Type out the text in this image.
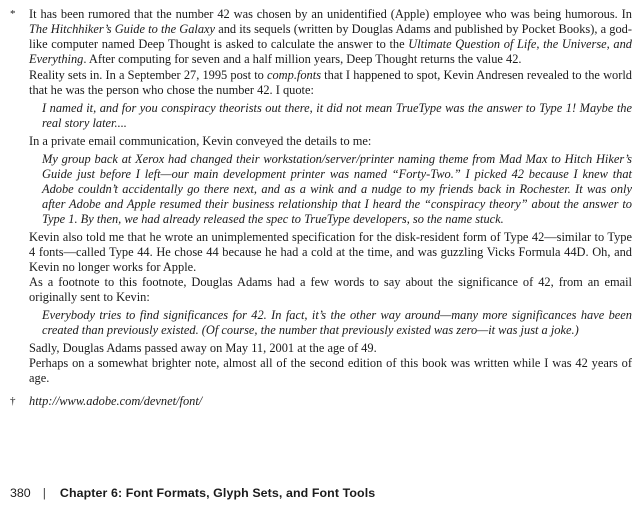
* It has been rumored that the number 42 was chosen by an unidentified (Apple) employee who was being humorous. In The Hitchhiker’s Guide to the Galaxy and its sequels (written by Douglas Adams and published by Pocket Books), a god-like computer named Deep Thought is asked to calculate the answer to the Ultimate Question of Life, the Universe, and Everything. After computing for seven and a half million years, Deep Thought returns the value 42.

Reality sets in. In a September 27, 1995 post to comp.fonts that I happened to spot, Kevin Andresen revealed to the world that he was the person who chose the number 42. I quote:

I named it, and for you conspiracy theorists out there, it did not mean TrueType was the answer to Type 1! Maybe the real story later....

In a private email communication, Kevin conveyed the details to me:

My group back at Xerox had changed their workstation/server/printer naming theme from Mad Max to Hitch Hiker’s Guide just before I left—our main development printer was named “Forty-Two.” I picked 42 because I knew that Adobe couldn’t accidentally go there next, and as a wink and a nudge to my friends back in Rochester. It was only after Adobe and Apple resumed their business relationship that I heard the “conspiracy theory” about the answer to Type 1. By then, we had already released the spec to TrueType developers, so the name stuck.

Kevin also told me that he wrote an unimplemented specification for the disk-resident form of Type 42—similar to Type 4 fonts—called Type 44. He chose 44 because he had a cold at the time, and was guzzling Vicks Formula 44D. Oh, and Kevin no longer works for Apple.

As a footnote to this footnote, Douglas Adams had a few words to say about the significance of 42, from an email originally sent to Kevin:

Everybody tries to find significances for 42. In fact, it’s the other way around—many more significances have been created than previously existed. (Of course, the number that previously existed was zero—it was just a joke.)

Sadly, Douglas Adams passed away on May 11, 2001 at the age of 49.

Perhaps on a somewhat brighter note, almost all of the second edition of this book was written while I was 42 years of age.

† http://www.adobe.com/devnet/font/

380 | Chapter 6: Font Formats, Glyph Sets, and Font Tools
